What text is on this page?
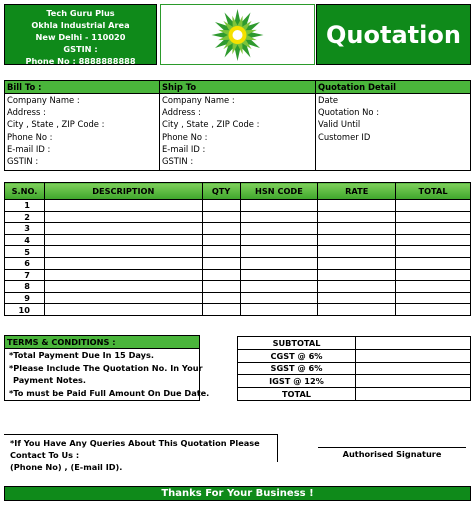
Tech Guru Plus
Okhla Industrial Area
New Delhi - 110020
GSTIN :
Phone No : 8888888888
Quotation
Bill To :
Company Name :
Address :
City , State , ZIP Code :
Phone No :
E-mail ID :
GSTIN :
Ship To
Company Name :
Address :
City , State , ZIP Code :
Phone No :
E-mail ID :
GSTIN :
Quotation Detail
Date
Quotation No :
Valid Until
Customer ID
S.NO.	DESCRIPTION	QTY	HSN CODE	RATE	TOTAL
1					
2					
3					
4					
5					
6					
7					
8					
9					
10					
TERMS & CONDITIONS :
*Total Payment Due In 15 Days.
*Please Include The Quotation No. In Your
Payment Notes.
*To must be Paid Full Amount On Due Date.
SUBTOTAL	
CGST @ 6%	
SGST @ 6%	
IGST @ 12%	
TOTAL	
*If You Have Any Queries About This Quotation Please Contact To Us :
(Phone No) , (E-mail ID).
Authorised Signature
Thanks For Your Business !
